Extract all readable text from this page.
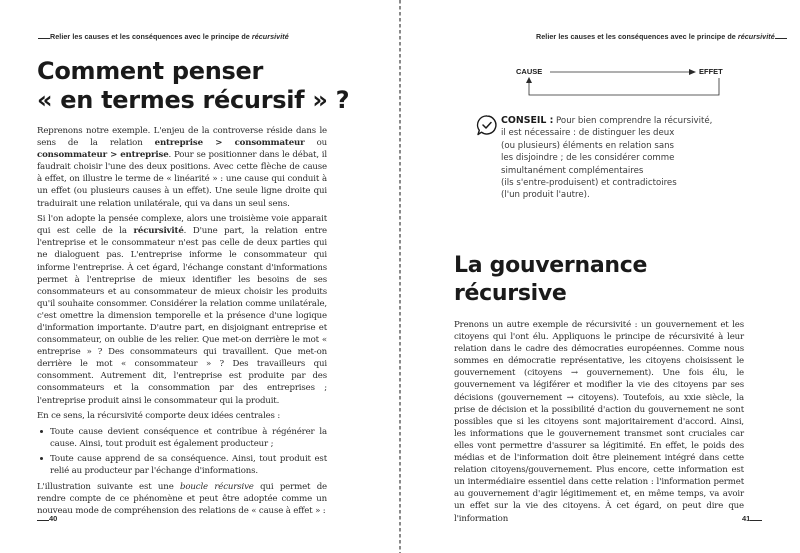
Relier les causes et les conséquences avec le principe de récursivité
Comment penser
« en termes récursif » ?

Reprenons notre exemple. L'enjeu de la controverse réside dans le sens de la relation entreprise > consommateur ou consommateur > entreprise. Pour se positionner dans le débat, il faudrait choisir l'une des deux positions. Avec cette flèche de cause à effet, on illustre le terme de « linéarité » : une cause qui conduit à un effet (ou plusieurs causes à un effet). Une seule ligne droite qui traduirait une relation unilatérale, qui va dans un seul sens.

Si l'on adopte la pensée complexe, alors une troisième voie apparait qui est celle de la récursivité. D'une part, la relation entre l'entreprise et le consommateur n'est pas celle de deux parties qui ne dialoguent pas. L'entreprise informe le consommateur qui informe l'entreprise. À cet égard, l'échange constant d'informations permet à l'entreprise de mieux identifier les besoins de ses consommateurs et au consommateur de mieux choisir les produits qu'il souhaite consommer. Considérer la relation comme unilatérale, c'est omettre la dimension temporelle et la présence d'une logique d'information importante. D'autre part, en disjoignant entreprise et consommateur, on oublie de les relier. Que met-on derrière le mot « entreprise » ? Des consommateurs qui travaillent. Que met-on derrière le mot « consommateur » ? Des travailleurs qui consomment. Autrement dit, l'entreprise est produite par des consommateurs et la consommation par des entreprises ; l'entreprise produit ainsi le consommateur qui la produit.

En ce sens, la récursivité comporte deux idées centrales :

Toute cause devient conséquence et contribue à régénérer la cause. Ainsi, tout produit est également producteur ;
Toute cause apprend de sa conséquence. Ainsi, tout produit est relié au producteur par l'échange d'informations.

L'illustration suivante est une boucle récursive qui permet de rendre compte de ce phénomène et peut être adoptée comme un nouveau mode de compréhension des relations de « cause à effet » :

40
Relier les causes et les conséquences avec le principe de récursivité
CAUSE	EFFET
CONSEIL : Pour bien comprendre la récursivité,
il est nécessaire : de distinguer les deux
(ou plusieurs) éléments en relation sans
les disjoindre ; de les considérer comme
simultanément complémentaires
(ils s'entre-produisent) et contradictoires
(l'un produit l'autre).
La gouvernance
récursive

Prenons un autre exemple de récursivité : un gouvernement et les citoyens qui l'ont élu. Appliquons le principe de récursivité à leur relation dans le cadre des démocraties européennes. Comme nous sommes en démocratie représentative, les citoyens choisissent le gouvernement (citoyens → gouvernement). Une fois élu, le gouvernement va légiférer et modifier la vie des citoyens par ses décisions (gouvernement → citoyens). Toutefois, au xxie siècle, la prise de décision et la possibilité d'action du gouvernement ne sont possibles que si les citoyens sont majoritairement d'accord. Ainsi, les informations que le gouvernement transmet sont cruciales car elles vont permettre d'assurer sa légitimité. En effet, le poids des médias et de l'information doit être pleinement intégré dans cette relation citoyens/gouvernement. Plus encore, cette information est un intermédiaire essentiel dans cette relation : l'information permet au gouvernement d'agir légitimement et, en même temps, va avoir un effet sur la vie des citoyens. À cet égard, on peut dire que l'information	41
